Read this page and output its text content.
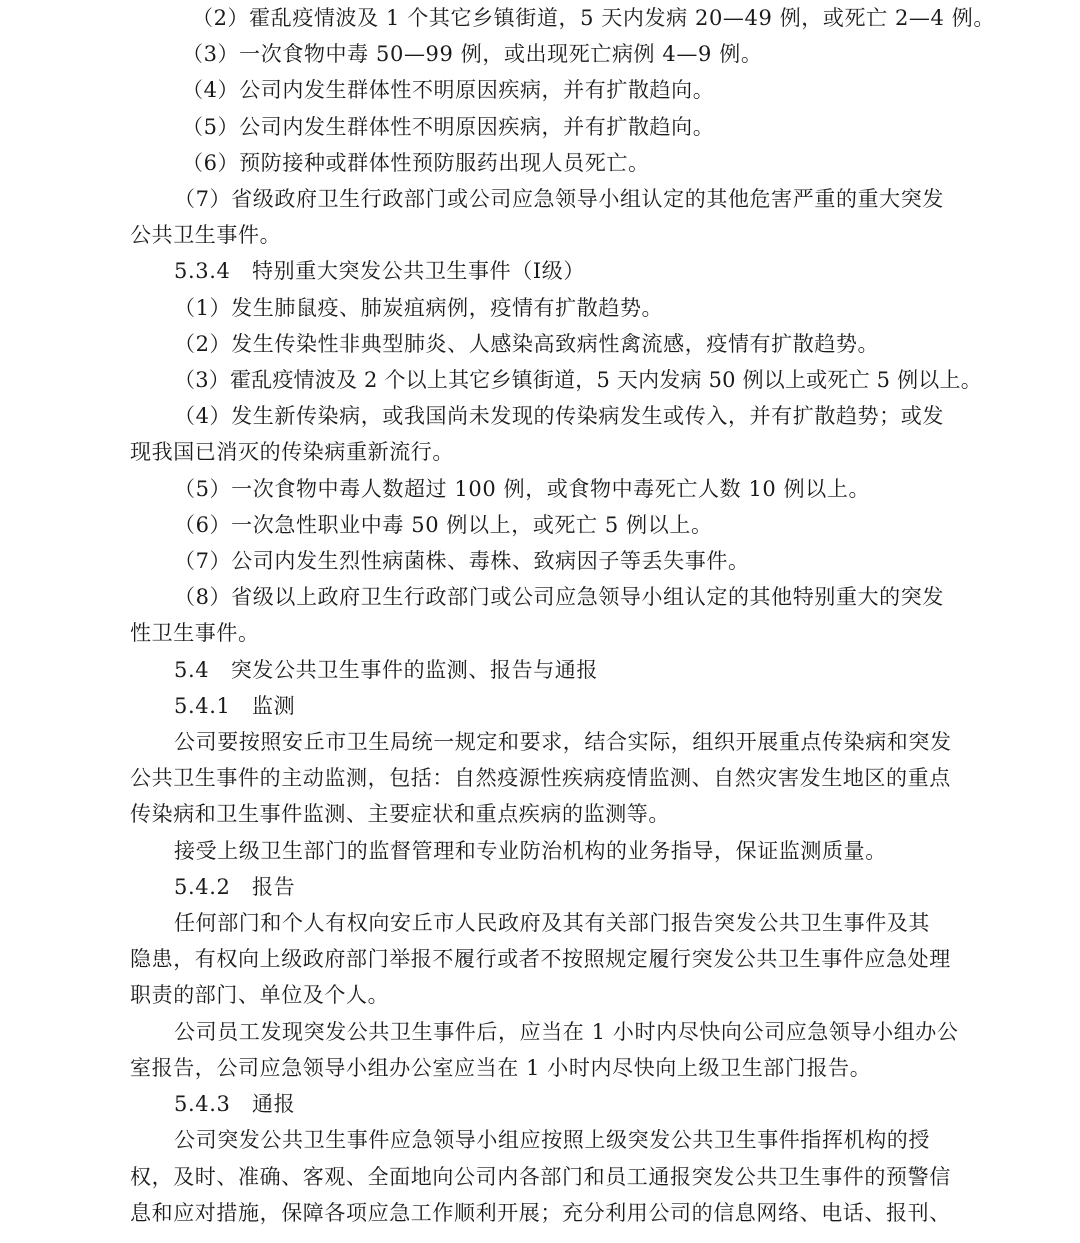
（2）霍乱疫情波及 1 个其它乡镇街道，5 天内发病 20—49 例，或死亡 2—4 例。
（3）一次食物中毒 50—99 例，或出现死亡病例 4—9 例。
（4）公司内发生群体性不明原因疾病，并有扩散趋向。
（5）公司内发生群体性不明原因疾病，并有扩散趋向。
（6）预防接种或群体性预防服药出现人员死亡。
（7）省级政府卫生行政部门或公司应急领导小组认定的其他危害严重的重大突发
公共卫生事件。
5.3.4　特别重大突发公共卫生事件（Ⅰ级）
（1）发生肺鼠疫、肺炭疽病例，疫情有扩散趋势。
（2）发生传染性非典型肺炎、人感染高致病性禽流感，疫情有扩散趋势。
（3）霍乱疫情波及 2 个以上其它乡镇街道，5 天内发病 50 例以上或死亡 5 例以上。
（4）发生新传染病，或我国尚未发现的传染病发生或传入，并有扩散趋势；或发
现我国已消灭的传染病重新流行。
（5）一次食物中毒人数超过 100 例，或食物中毒死亡人数 10 例以上。
（6）一次急性职业中毒 50 例以上，或死亡 5 例以上。
（7）公司内发生烈性病菌株、毒株、致病因子等丢失事件。
（8）省级以上政府卫生行政部门或公司应急领导小组认定的其他特别重大的突发
性卫生事件。
5.4　突发公共卫生事件的监测、报告与通报
5.4.1　监测
公司要按照安丘市卫生局统一规定和要求，结合实际，组织开展重点传染病和突发
公共卫生事件的主动监测，包括：自然疫源性疾病疫情监测、自然灾害发生地区的重点
传染病和卫生事件监测、主要症状和重点疾病的监测等。
接受上级卫生部门的监督管理和专业防治机构的业务指导，保证监测质量。
5.4.2　报告
任何部门和个人有权向安丘市人民政府及其有关部门报告突发公共卫生事件及其
隐患，有权向上级政府部门举报不履行或者不按照规定履行突发公共卫生事件应急处理
职责的部门、单位及个人。
公司员工发现突发公共卫生事件后，应当在 1 小时内尽快向公司应急领导小组办公
室报告，公司应急领导小组办公室应当在 1 小时内尽快向上级卫生部门报告。
5.4.3　通报
公司突发公共卫生事件应急领导小组应按照上级突发公共卫生事件指挥机构的授
权，及时、准确、客观、全面地向公司内各部门和员工通报突发公共卫生事件的预警信
息和应对措施，保障各项应急工作顺利开展；充分利用公司的信息网络、电话、报刊、
